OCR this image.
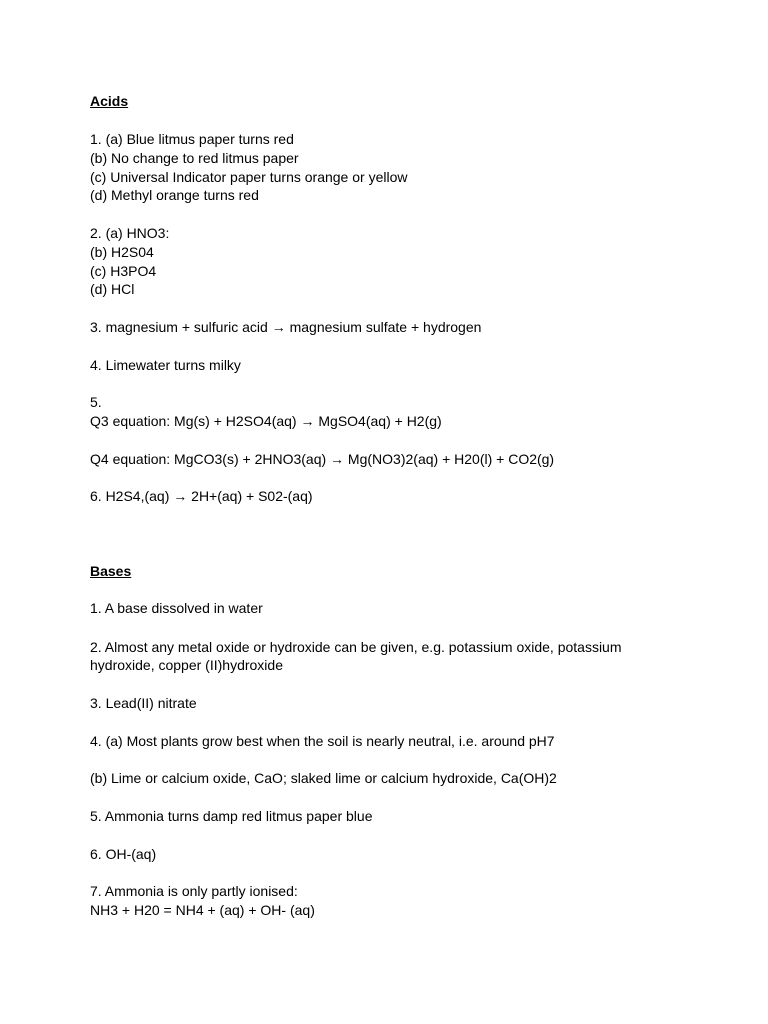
Acids

1. (a) Blue litmus paper turns red

(b) No change to red litmus paper

(c) Universal Indicator paper turns orange or yellow

(d) Methyl orange turns red

2. (a) HNO3:

(b) H2S04

(c) H3PO4

(d) HCl

3. magnesium + sulfuric acid → magnesium sulfate + hydrogen

4. Limewater turns milky

5.

Q3 equation: Mg(s) + H2SO4(aq) → MgSO4(aq) + H2(g)

Q4 equation: MgCO3(s) + 2HNO3(aq) → Mg(NO3)2(aq) + H20(l) + CO2(g)

6. H2S4,(aq) → 2H+(aq) + S02-(aq)

Bases

1. A base dissolved in water

2. Almost any metal oxide or hydroxide can be given, e.g. potassium oxide, potassium

hydroxide, copper (II)hydroxide

3. Lead(II) nitrate

4. (a) Most plants grow best when the soil is nearly neutral, i.e. around pH7

(b) Lime or calcium oxide, CaO; slaked lime or calcium hydroxide, Ca(OH)2

5. Ammonia turns damp red litmus paper blue

6. OH-(aq)

7. Ammonia is only partly ionised:

NH3 + H20 = NH4 + (aq) + OH- (aq)
